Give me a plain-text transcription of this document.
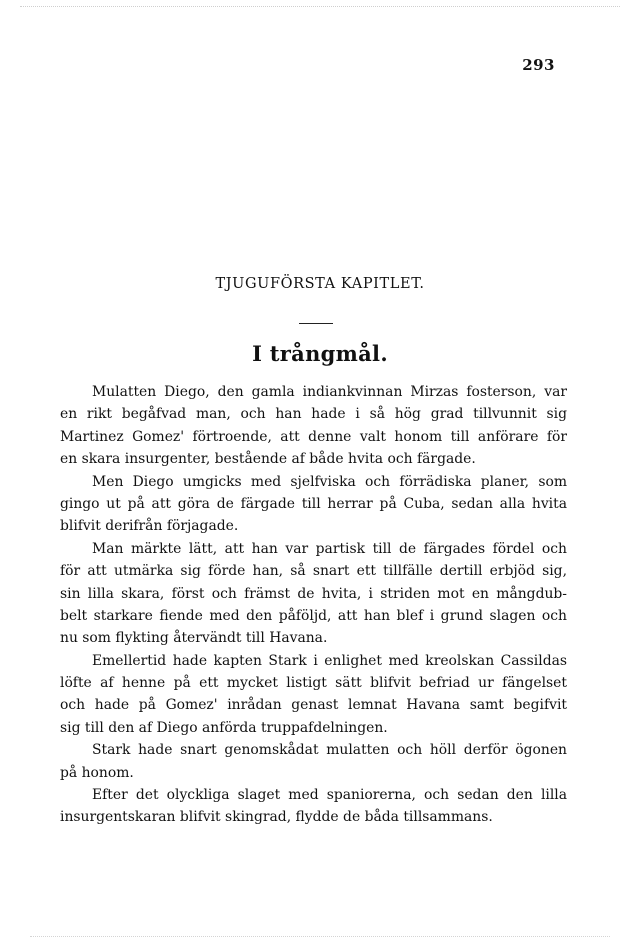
293
TJUGUFÖRSTA KAPITLET.
I trångmål.
Mulatten Diego, den gamla indiankvinnan Mirzas fosterson, var
en rikt begåfvad man, och han hade i så hög grad tillvunnit sig
Martinez Gomez' förtroende, att denne valt honom till anförare för
en skara insurgenter, bestående af både hvita och färgade.
Men Diego umgicks med sjelfviska och förrädiska planer, som
gingo ut på att göra de färgade till herrar på Cuba, sedan alla hvita
blifvit derifrån förjagade.
Man märkte lätt, att han var partisk till de färgades fördel och
för att utmärka sig förde han, så snart ett tillfälle dertill erbjöd sig,
sin lilla skara, först och främst de hvita, i striden mot en mångdub-
belt starkare fiende med den påföljd, att han blef i grund slagen och
nu som flykting återvändt till Havana.
Emellertid hade kapten Stark i enlighet med kreolskan Cassildas
löfte af henne på ett mycket listigt sätt blifvit befriad ur fängelset
och hade på Gomez' inrådan genast lemnat Havana samt begifvit
sig till den af Diego anförda truppafdelningen.
Stark hade snart genomskådat mulatten och höll derför ögonen
på honom.
Efter det olyckliga slaget med spaniorerna, och sedan den lilla
insurgentskaran blifvit skingrad, flydde de båda tillsammans.
